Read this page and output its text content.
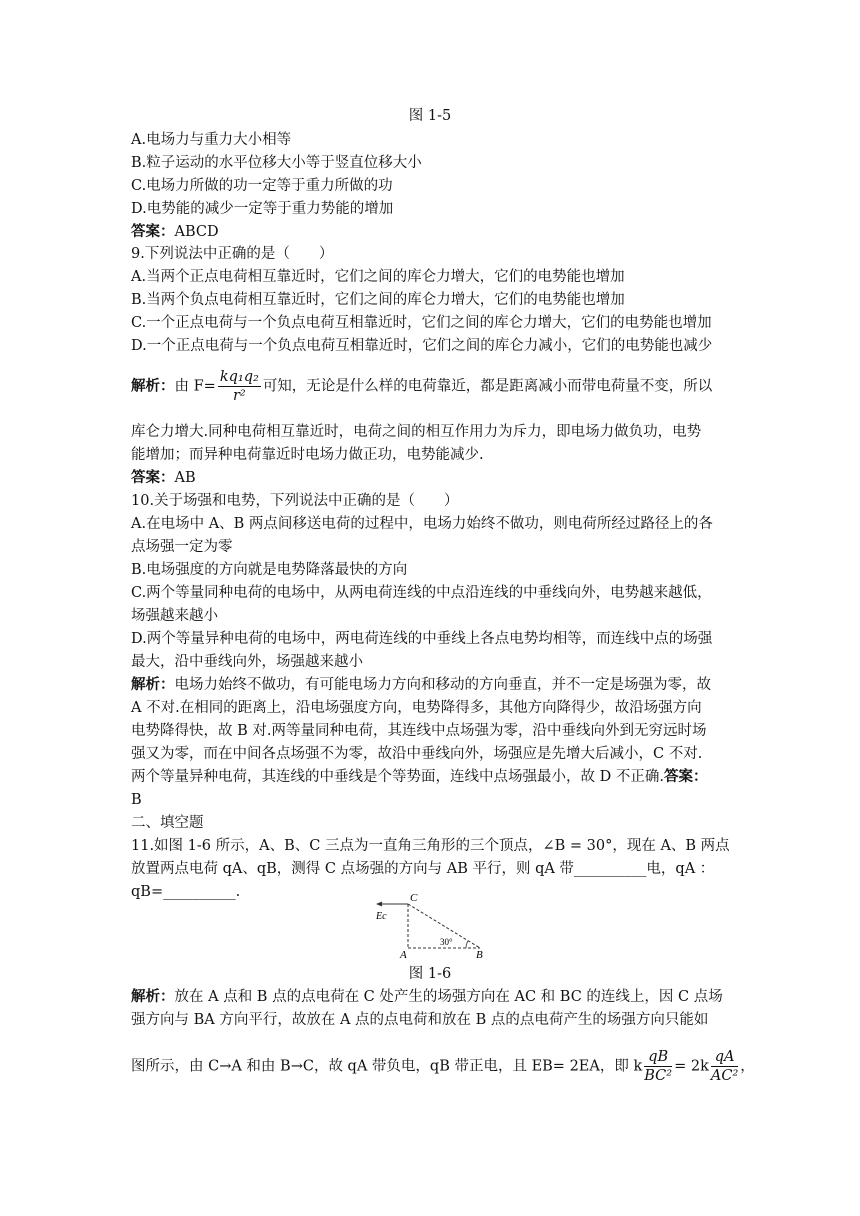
图 1-5
A.电场力与重力大小相等
B.粒子运动的水平位移大小等于竖直位移大小
C.电场力所做的功一定等于重力所做的功
D.电势能的减少一定等于重力势能的增加
答案：ABCD
9.下列说法中正确的是（　　）
A.当两个正点电荷相互靠近时，它们之间的库仑力增大，它们的电势能也增加
B.当两个负点电荷相互靠近时，它们之间的库仑力增大，它们的电势能也增加
C.一个正点电荷与一个负点电荷互相靠近时，它们之间的库仑力增大，它们的电势能也增加
D.一个正点电荷与一个负点电荷互相靠近时，它们之间的库仑力减小，它们的电势能也减少
解析：由 $F= \frac{\text{kq₁q₂}}{\text{r²}}$ 可知，无论是什么样的电荷靠近，都是距离减小而带电荷量不变，所以
库仑力增大.同种电荷相互靠近时，电荷之间的相互作用力为斥力，即电场力做负功，电势
能增加；而异种电荷靠近时电场力做正功，电势能减少.
答案：AB
10.关于场强和电势，下列说法中正确的是（　　）
A.在电场中 A、B 两点间移送电荷的过程中，电场力始终不做功，则电荷所经过路径上的各
点场强一定为零
B.电场强度的方向就是电势降落最快的方向
C.两个等量同种电荷的电场中，从两电荷连线的中点沿连线的中垂线向外，电势越来越低，
场强越来越小
D.两个等量异种电荷的电场中，两电荷连线的中垂线上各点电势均相等，而连线中点的场强
最大，沿中垂线向外，场强越来越小
解析：电场力始终不做功，有可能电场力方向和移动的方向垂直，并不一定是场强为零，故
A 不对.在相同的距离上，沿电场强度方向，电势降得多，其他方向降得少，故沿场强方向
电势降得快，故 B 对.两等量同种电荷，其连线中点场强为零，沿中垂线向外到无穷远时场
强又为零，而在中间各点场强不为零，故沿中垂线向外，场强应是先增大后减小，C 不对.
两个等量异种电荷，其连线的中垂线是个等势面，连线中点场强最小，故 D 不正确.答案：
B
二、填空题
11.如图 1-6 所示，A、B、C 三点为一直角三角形的三个顶点，∠B = 30°，现在 A、B 两点
放置两点电荷 qA、qB，测得 C 点场强的方向与 AB 平行，则 qA 带__________电，qA ：
qB=__________.	C
A	B
Ec
30°
图 1-6
解析：放在 A 点和 B 点的点电荷在 C 处产生的场强方向在 AC 和 BC 的连线上，因 C 点场
强方向与 BA 方向平行，故放在 A 点的点电荷和放在 B 点的点电荷产生的场强方向只能如
图所示，由 C→A 和由 B→C，故 qA 带负电，qB 带正电，且 EB= 2EA，即 k $\frac{qB}{\text{BC²}} = 2k \frac{qA}{\text{AC²}}$ ，
